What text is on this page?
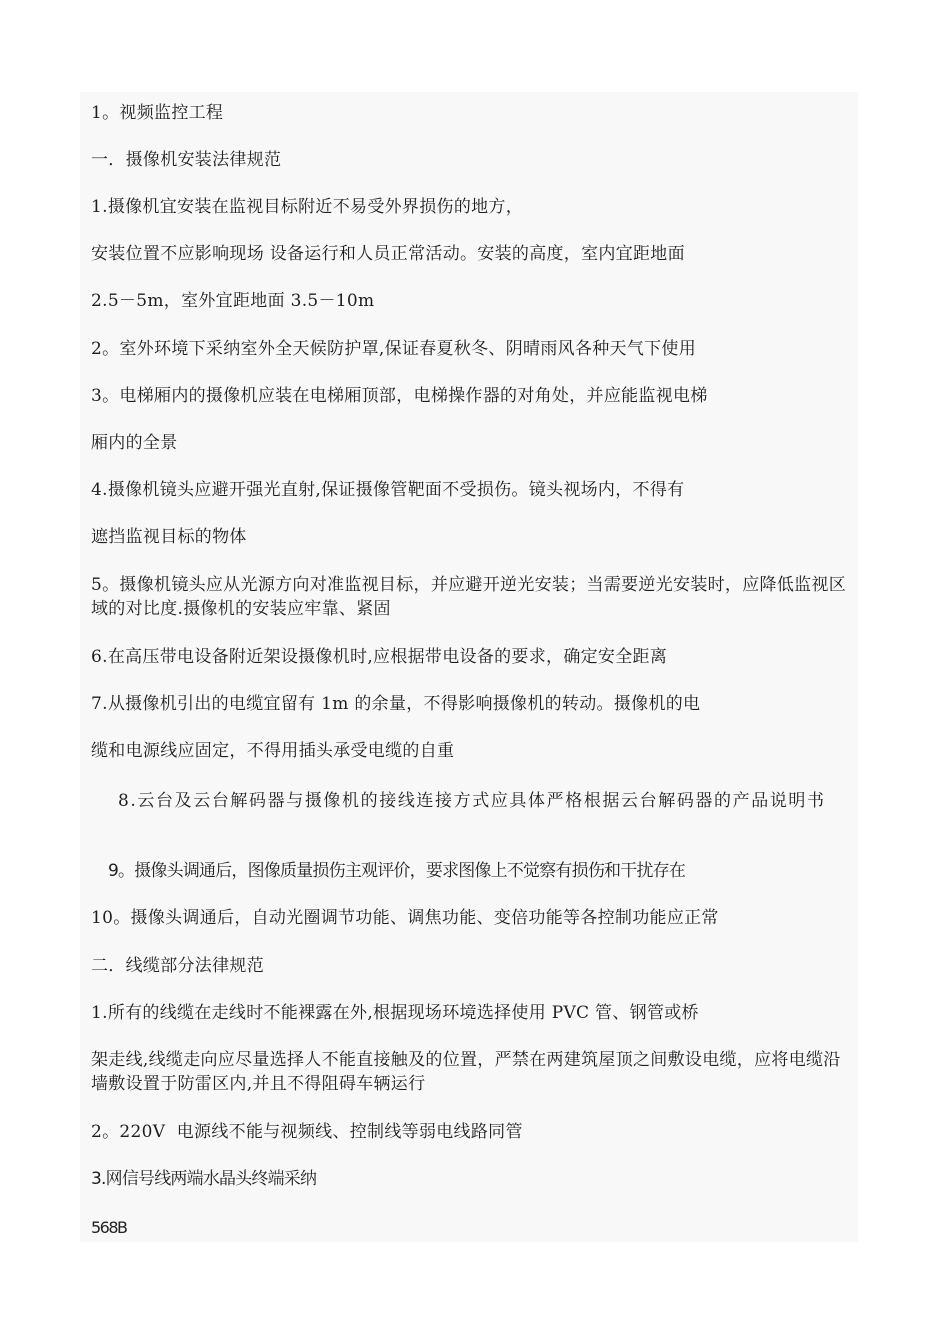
1。视频监控工程
一．摄像机安装法律规范
1.摄像机宜安装在监视目标附近不易受外界损伤的地方，
安装位置不应影响现场 设备运行和人员正常活动。安装的高度，室内宜距地面
2.5－5m，室外宜距地面 3.5－10m
2。室外环境下采纳室外全天候防护罩,保证春夏秋冬、阴晴雨风各种天气下使用
3。电梯厢内的摄像机应装在电梯厢顶部，电梯操作器的对角处，并应能监视电梯
厢内的全景
4.摄像机镜头应避开强光直射,保证摄像管靶面不受损伤。镜头视场内，不得有
遮挡监视目标的物体
5。摄像机镜头应从光源方向对准监视目标，并应避开逆光安装；当需要逆光安装时，应降低监视区域的对比度.摄像机的安装应牢靠、紧固
6.在高压带电设备附近架设摄像机时,应根据带电设备的要求，确定安全距离
7.从摄像机引出的电缆宜留有 1m 的余量，不得影响摄像机的转动。摄像机的电
缆和电源线应固定，不得用插头承受电缆的自重
8.云台及云台解码器与摄像机的接线连接方式应具体严格根据云台解码器的产品说明书
9。摄像头调通后，图像质量损伤主观评价，要求图像上不觉察有损伤和干扰存在
10。摄像头调通后，自动光圈调节功能、调焦功能、变倍功能等各控制功能应正常
二．线缆部分法律规范
1.所有的线缆在走线时不能裸露在外,根据现场环境选择使用 PVC 管、钢管或桥
架走线,线缆走向应尽量选择人不能直接触及的位置，严禁在两建筑屋顶之间敷设电缆，应将电缆沿墙敷设置于防雷区内,并且不得阻碍车辆运行
2。220V  电源线不能与视频线、控制线等弱电线路同管
3.网信号线两端水晶头终端采纳
568B
